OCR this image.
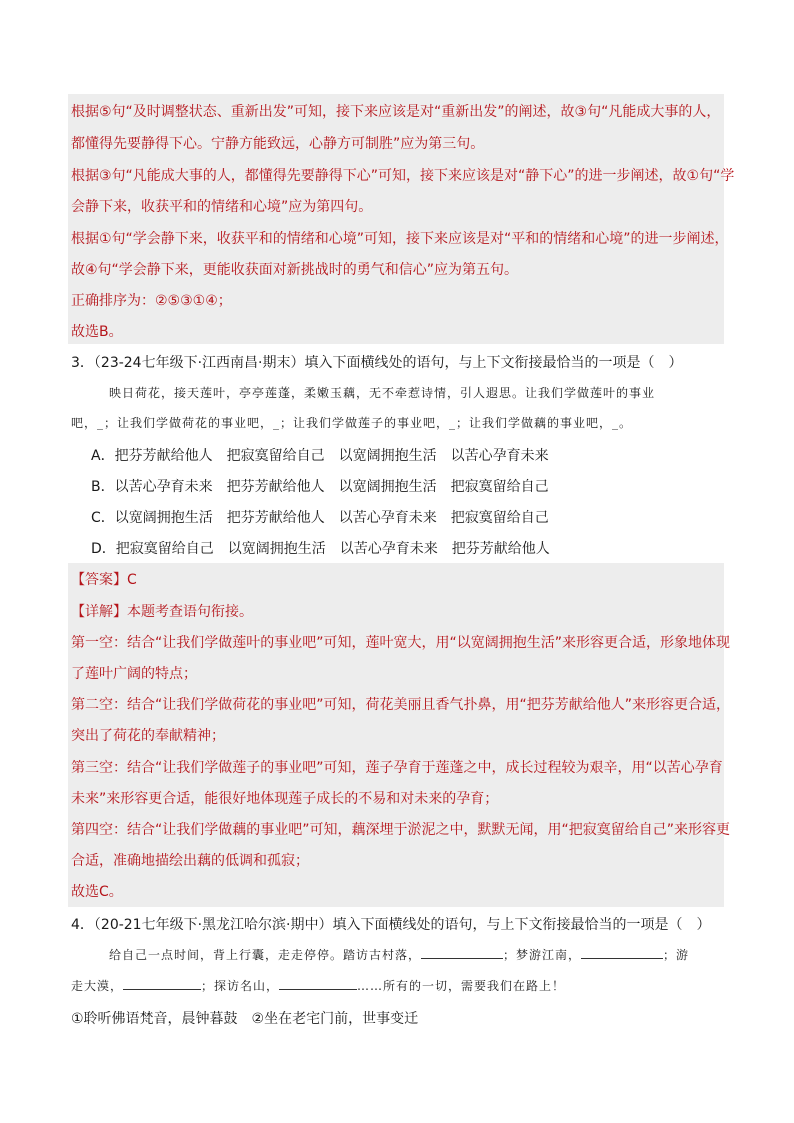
根据⑤句“及时调整状态、重新出发”可知，接下来应该是对“重新出发”的阐述，故③句“凡能成大事的人，
都懂得先要静得下心。宁静方能致远，心静方可制胜”应为第三句。
根据③句“凡能成大事的人，都懂得先要静得下心”可知，接下来应该是对“静下心”的进一步阐述，故①句“学
会静下来，收获平和的情绪和心境”应为第四句。
根据①句“学会静下来，收获平和的情绪和心境”可知，接下来应该是对“平和的情绪和心境”的进一步阐述，
故④句“学会静下来，更能收获面对新挑战时的勇气和信心”应为第五句。
正确排序为：②⑤③①④；
故选B。
3．（23-24七年级下·江西南昌·期末）填入下面横线处的语句，与上下文衔接最恰当的一项是（　）
映日荷花，接天莲叶，亭亭莲蓬，柔嫩玉藕，无不牵惹诗情，引人遐思。让我们学做莲叶的事业
吧，_；让我们学做荷花的事业吧，_；让我们学做莲子的事业吧，_；让我们学做藕的事业吧，_。
A．把芬芳献给他人　把寂寞留给自己　以宽阔拥抱生活　以苦心孕育未来
B．以苦心孕育未来　把芬芳献给他人　以宽阔拥抱生活　把寂寞留给自己
C．以宽阔拥抱生活　把芬芳献给他人　以苦心孕育未来　把寂寞留给自己
D．把寂寞留给自己　以宽阔拥抱生活　以苦心孕育未来　把芬芳献给他人
【答案】C
【详解】本题考查语句衔接。
第一空：结合“让我们学做莲叶的事业吧”可知，莲叶宽大，用“以宽阔拥抱生活”来形容更合适，形象地体现
了莲叶广阔的特点；
第二空：结合“让我们学做荷花的事业吧”可知，荷花美丽且香气扑鼻，用“把芬芳献给他人”来形容更合适，
突出了荷花的奉献精神；
第三空：结合“让我们学做莲子的事业吧”可知，莲子孕育于莲蓬之中，成长过程较为艰辛，用“以苦心孕育
未来”来形容更合适，能很好地体现莲子成长的不易和对未来的孕育；
第四空：结合“让我们学做藕的事业吧”可知，藕深埋于淤泥之中，默默无闻，用“把寂寞留给自己”来形容更
合适，准确地描绘出藕的低调和孤寂；
故选C。
4．（20-21七年级下·黑龙江哈尔滨·期中）填入下面横线处的语句，与上下文衔接最恰当的一项是（　）
给自己一点时间，背上行囊，走走停停。踏访古村落，	；梦游江南，	；游
走大漠，	；探访名山，	……所有的一切，需要我们在路上！
①聆听佛语梵音，晨钟暮鼓　②坐在老宅门前，世事变迁
